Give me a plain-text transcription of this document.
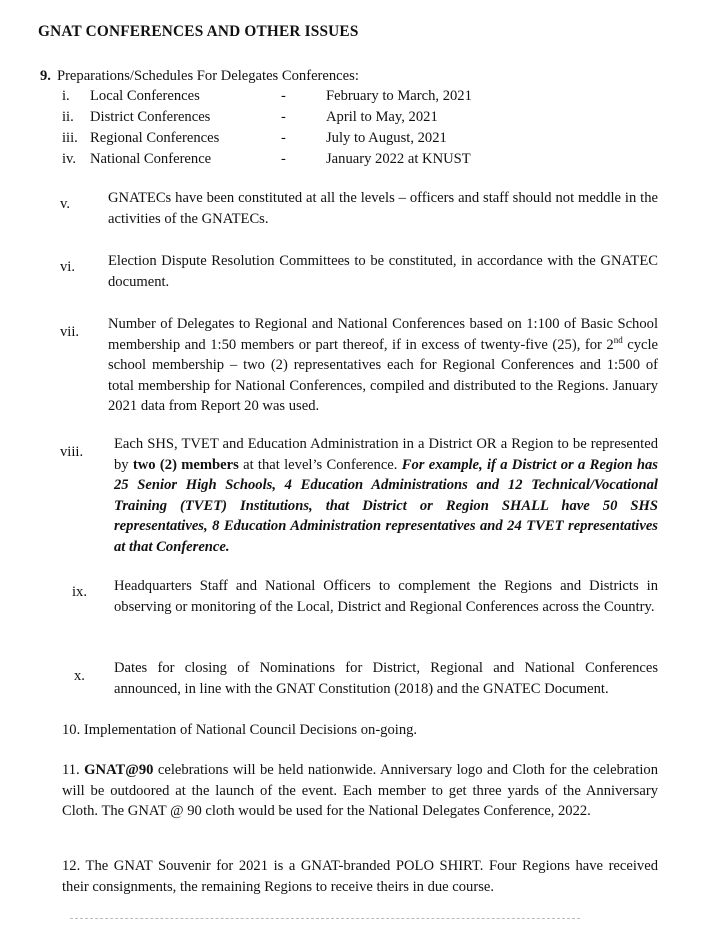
GNAT CONFERENCES AND OTHER ISSUES
9. Preparations/Schedules For Delegates Conferences:
i. Local Conferences	-	February to March, 2021
ii. District Conferences	-	April to May, 2021
iii. Regional Conferences	-	July to August, 2021
iv. National Conference	-	January 2022 at KNUST
v.	GNATECs have been constituted at all the levels – officers and staff should not meddle in the activities of the GNATECs.
vi.	Election Dispute Resolution Committees to be constituted, in accordance with the GNATEC document.
vii.	Number of Delegates to Regional and National Conferences based on 1:100 of Basic School membership and 1:50 members or part thereof, if in excess of twenty-five (25), for 2nd cycle school membership – two (2) representatives each for Regional Conferences and 1:500 of total membership for National Conferences, compiled and distributed to the Regions. January 2021 data from Report 20 was used.
viii.	Each SHS, TVET and Education Administration in a District OR a Region to be represented by two (2) members at that level’s Conference. For example, if a District or a Region has 25 Senior High Schools, 4 Education Administrations and 12 Technical/Vocational Training (TVET) Institutions, that District or Region SHALL have 50 SHS representatives, 8 Education Administration representatives and 24 TVET representatives at that Conference.
ix.	Headquarters Staff and National Officers to complement the Regions and Districts in observing or monitoring of the Local, District and Regional Conferences across the Country.
x.	Dates for closing of Nominations for District, Regional and National Conferences announced, in line with the GNAT Constitution (2018) and the GNATEC Document.
10. Implementation of National Council Decisions on-going.
11. GNAT@90 celebrations will be held nationwide. Anniversary logo and Cloth for the celebration will be outdoored at the launch of the event. Each member to get three yards of the Anniversary Cloth. The GNAT @ 90 cloth would be used for the National Delegates Conference, 2022.
12. The GNAT Souvenir for 2021 is a GNAT-branded POLO SHIRT. Four Regions have received their consignments, the remaining Regions to receive theirs in due course.
